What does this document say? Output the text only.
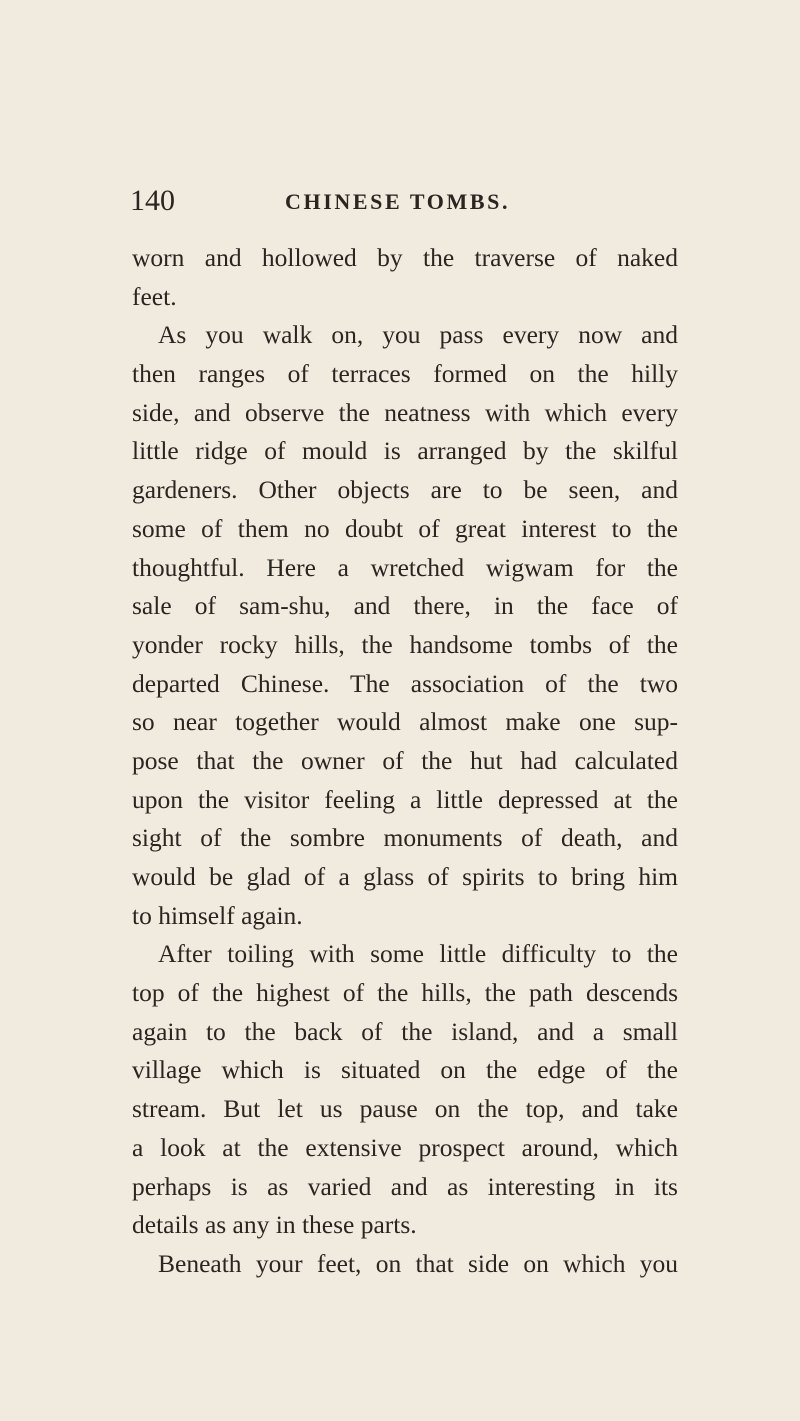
140	CHINESE TOMBS.
worn and hollowed by the traverse of naked
feet.
As you walk on, you pass every now and
then ranges of terraces formed on the hilly
side, and observe the neatness with which every
little ridge of mould is arranged by the skilful
gardeners. Other objects are to be seen, and
some of them no doubt of great interest to the
thoughtful. Here a wretched wigwam for the
sale of sam-shu, and there, in the face of
yonder rocky hills, the handsome tombs of the
departed Chinese. The association of the two
so near together would almost make one sup-
pose that the owner of the hut had calculated
upon the visitor feeling a little depressed at the
sight of the sombre monuments of death, and
would be glad of a glass of spirits to bring him
to himself again.
After toiling with some little difficulty to the
top of the highest of the hills, the path descends
again to the back of the island, and a small
village which is situated on the edge of the
stream. But let us pause on the top, and take
a look at the extensive prospect around, which
perhaps is as varied and as interesting in its
details as any in these parts.
Beneath your feet, on that side on which you
